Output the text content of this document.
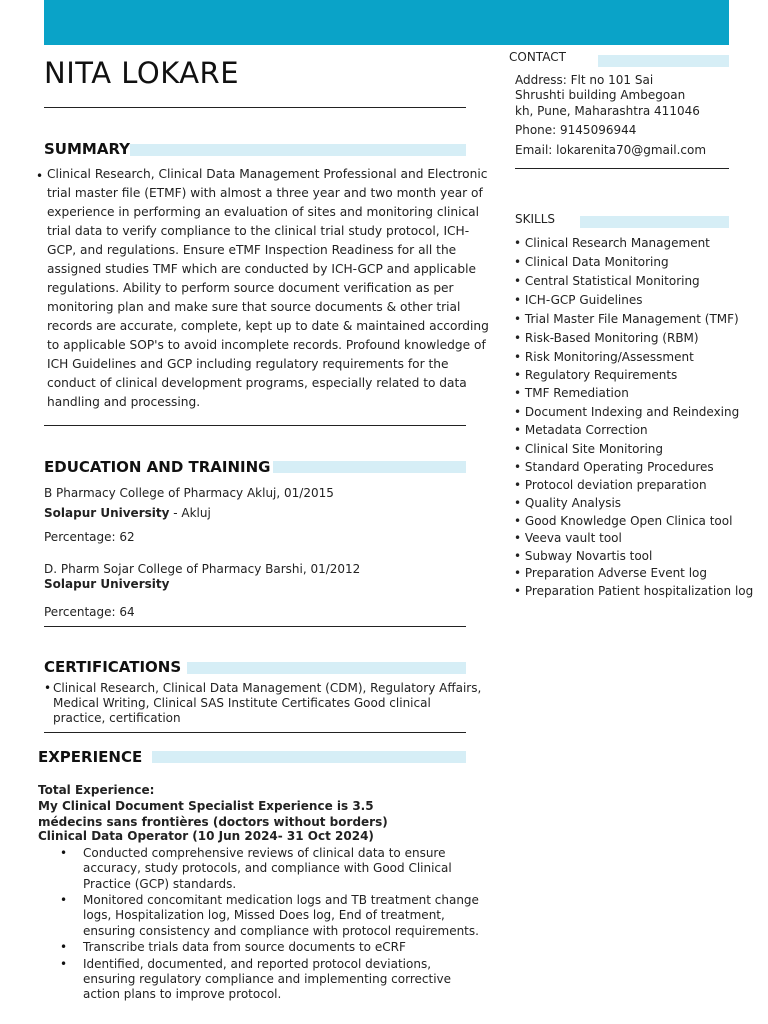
NITA LOKARE	CONTACT
Address: Flt no 101 Sai
Shrushti building Ambegoan
kh, Pune, Maharashtra 411046
Phone: 9145096944
Email: lokarenita70@gmail.com
SKILLS
• Clinical Research Management
• Clinical Data Monitoring
• Central Statistical Monitoring
• ICH-GCP Guidelines
• Trial Master File Management (TMF)
• Risk-Based Monitoring (RBM)
• Risk Monitoring/Assessment
• Regulatory Requirements
• TMF Remediation
• Document Indexing and Reindexing
• Metadata Correction
• Clinical Site Monitoring
• Standard Operating Procedures
• Protocol deviation preparation
• Quality Analysis
• Good Knowledge Open Clinica tool
• Veeva vault tool
• Subway Novartis tool
• Preparation Adverse Event log
• Preparation Patient hospitalization log
SUMMARY
• Clinical Research, Clinical Data Management Professional and Electronic
trial master file (ETMF) with almost a three year and two month year of
experience in performing an evaluation of sites and monitoring clinical
trial data to verify compliance to the clinical trial study protocol, ICH-
GCP, and regulations. Ensure eTMF Inspection Readiness for all the
assigned studies TMF which are conducted by ICH-GCP and applicable
regulations. Ability to perform source document verification as per
monitoring plan and make sure that source documents & other trial
records are accurate, complete, kept up to date & maintained according
to applicable SOP's to avoid incomplete records. Profound knowledge of
ICH Guidelines and GCP including regulatory requirements for the
conduct of clinical development programs, especially related to data
handling and processing.
EDUCATION AND TRAINING
B Pharmacy College of Pharmacy Akluj, 01/2015
Solapur University - Akluj
Percentage: 62
D. Pharm Sojar College of Pharmacy Barshi, 01/2012
Solapur University
Percentage: 64
CERTIFICATIONS
• Clinical Research, Clinical Data Management (CDM), Regulatory Affairs,
Medical Writing, Clinical SAS Institute Certificates Good clinical
practice, certification
EXPERIENCE
Total Experience:
My Clinical Document Specialist Experience is 3.5
médecins sans frontières (doctors without borders)
Clinical Data Operator (10 Jun 2024- 31 Oct 2024)
• Conducted comprehensive reviews of clinical data to ensure
accuracy, study protocols, and compliance with Good Clinical
Practice (GCP) standards.
• Monitored concomitant medication logs and TB treatment change
logs, Hospitalization log, Missed Does log, End of treatment,
ensuring consistency and compliance with protocol requirements.
• Transcribe trials data from source documents to eCRF
• Identified, documented, and reported protocol deviations,
ensuring regulatory compliance and implementing corrective
action plans to improve protocol.
